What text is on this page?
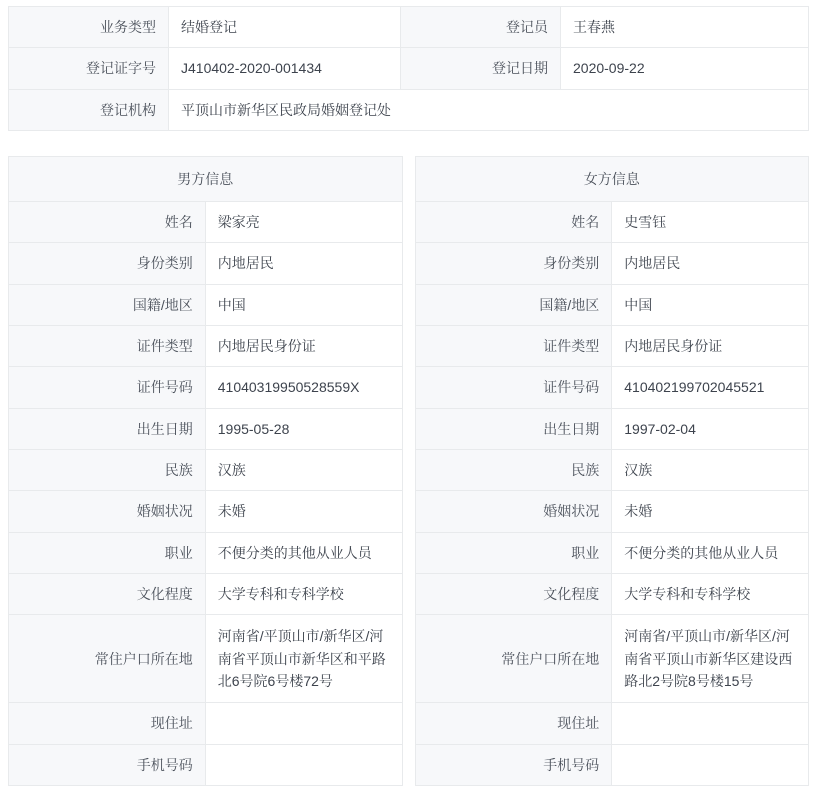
业务类型	结婚登记	登记员	王春燕
登记证字号	J410402-2020-001434	登记日期	2020-09-22
登记机构	平顶山市新华区民政局婚姻登记处		
男方信息	
姓名	梁家亮
身份类别	内地居民
国籍/地区	中国
证件类型	内地居民身份证
证件号码	41040319950528559X
出生日期	1995-05-28
民族	汉族
婚姻状况	未婚
职业	不便分类的其他从业人员
文化程度	大学专科和专科学校
常住户口所在地	河南省/平顶山市/新华区/河南省平顶山市新华区和平路北6号院6号楼72号
现住址	
手机号码	
女方信息	
姓名	史雪钰
身份类别	内地居民
国籍/地区	中国
证件类型	内地居民身份证
证件号码	410402199702045521
出生日期	1997-02-04
民族	汉族
婚姻状况	未婚
职业	不便分类的其他从业人员
文化程度	大学专科和专科学校
常住户口所在地	河南省/平顶山市/新华区/河南省平顶山市新华区建设西路北2号院8号楼15号
现住址	
手机号码	
